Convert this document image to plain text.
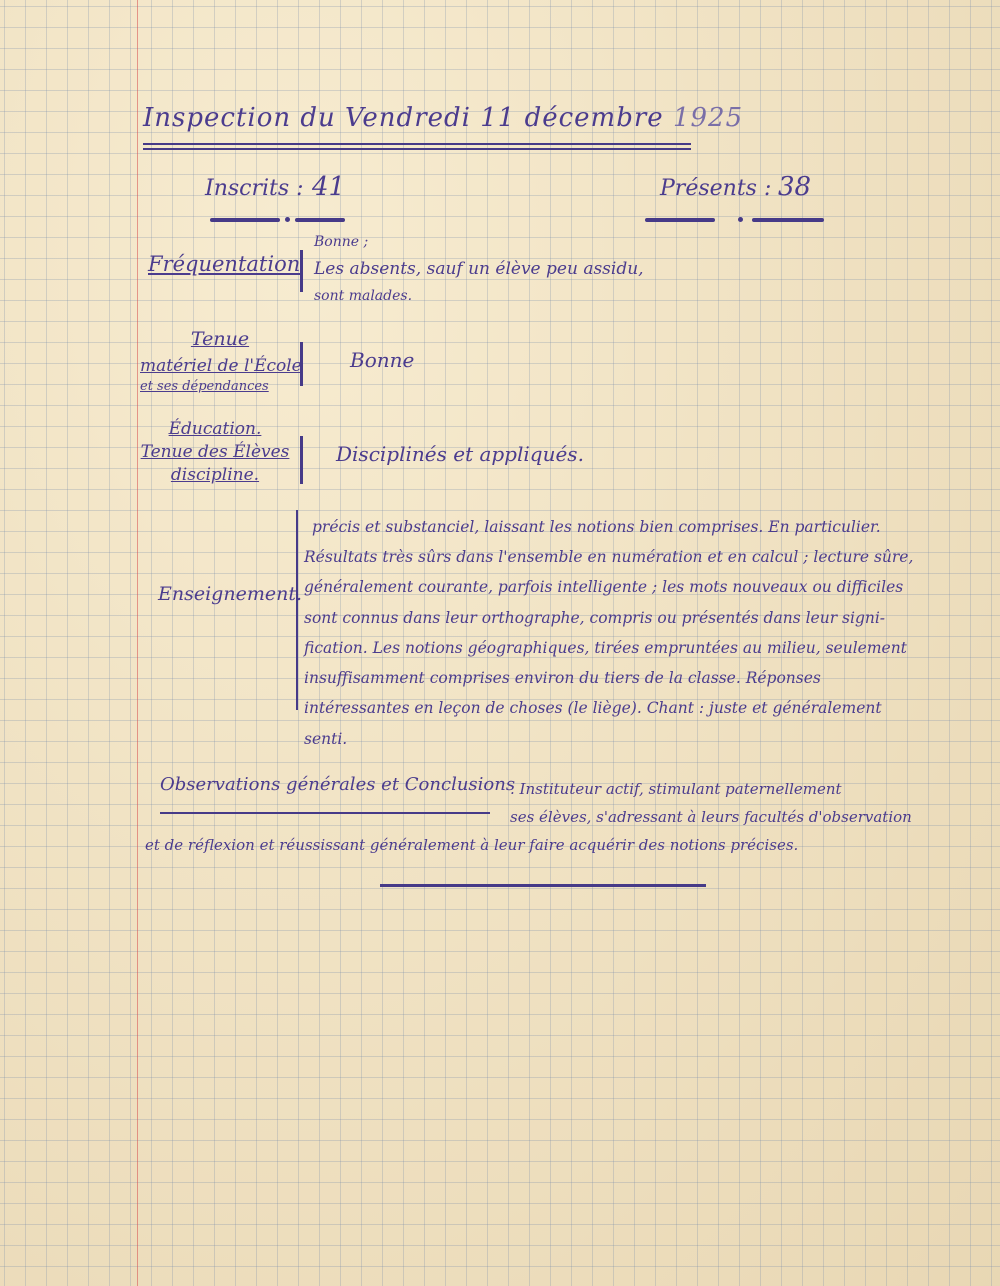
Inspection du Vendredi 11 décembre 1925
Inscrits : 41	Présents : 38
Fréquentation
Bonne ;
Les absents, sauf un élève peu assidu,
sont malades.
Tenue
matériel de l'École
et ses dépendances
Bonne
Éducation.
Tenue des Élèves
discipline.
Disciplinés et appliqués.
Enseignement.
précis et substanciel, laissant les notions bien comprises. En particulier.
Résultats très sûrs dans l'ensemble en numération et en calcul ; lecture sûre,
généralement courante, parfois intelligente ; les mots nouveaux ou difficiles
sont connus dans leur orthographe, compris ou présentés dans leur signi-
fication. Les notions géographiques, tirées empruntées au milieu, seulement
insuffisamment comprises environ du tiers de la classe. Réponses
intéressantes en leçon de choses (le liège). Chant : juste et généralement
senti.
Observations générales et Conclusions
. Instituteur actif, stimulant paternellement
ses élèves, s'adressant à leurs facultés d'observation
et de réflexion et réussissant généralement à leur faire acquérir des notions précises.
